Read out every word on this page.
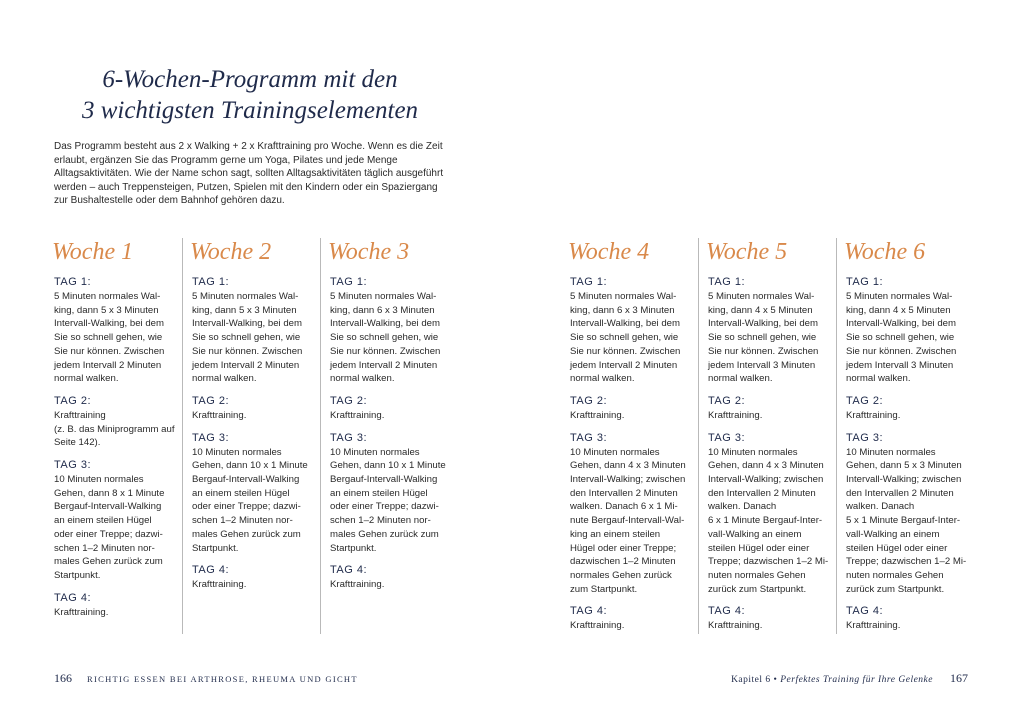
6-Wochen-Programm mit den
3 wichtigsten Trainingselementen
Das Programm besteht aus 2 x Walking + 2 x Krafttraining pro Woche. Wenn es die Zeit erlaubt, ergänzen Sie das Programm gerne um Yoga, Pilates und jede Menge Alltagsaktivitäten. Wie der Name schon sagt, sollten Alltagsaktivitäten täglich ausgeführt werden – auch Treppensteigen, Putzen, Spielen mit den Kindern oder ein Spaziergang zur Bushaltestelle oder dem Bahnhof gehören dazu.
Woche 1
TAG 1:
5 Minuten normales Wal-
king, dann 5 x 3 Minuten
Intervall-Walking, bei dem
Sie so schnell gehen, wie
Sie nur können. Zwischen
jedem Intervall 2 Minuten
normal walken.
TAG 2:
Krafttraining
(z. B. das Miniprogramm auf
Seite 142).
TAG 3:
10 Minuten normales
Gehen, dann 8 x 1 Minute
Bergauf-Intervall-Walking
an einem steilen Hügel
oder einer Treppe; dazwi-
schen 1–2 Minuten nor-
males Gehen zurück zum
Startpunkt.
TAG 4:
Krafttraining.
Woche 2
TAG 1:
5 Minuten normales Wal-
king, dann 5 x 3 Minuten
Intervall-Walking, bei dem
Sie so schnell gehen, wie
Sie nur können. Zwischen
jedem Intervall 2 Minuten
normal walken.
TAG 2:
Krafttraining.
TAG 3:
10 Minuten normales
Gehen, dann 10 x 1 Minute
Bergauf-Intervall-Walking
an einem steilen Hügel
oder einer Treppe; dazwi-
schen 1–2 Minuten nor-
males Gehen zurück zum
Startpunkt.
TAG 4:
Krafttraining.
Woche 3
TAG 1:
5 Minuten normales Wal-
king, dann 6 x 3 Minuten
Intervall-Walking, bei dem
Sie so schnell gehen, wie
Sie nur können. Zwischen
jedem Intervall 2 Minuten
normal walken.
TAG 2:
Krafttraining.
TAG 3:
10 Minuten normales
Gehen, dann 10 x 1 Minute
Bergauf-Intervall-Walking
an einem steilen Hügel
oder einer Treppe; dazwi-
schen 1–2 Minuten nor-
males Gehen zurück zum
Startpunkt.
TAG 4:
Krafttraining.
Woche 4
TAG 1:
5 Minuten normales Wal-
king, dann 6 x 3 Minuten
Intervall-Walking, bei dem
Sie so schnell gehen, wie
Sie nur können. Zwischen
jedem Intervall 2 Minuten
normal walken.
TAG 2:
Krafttraining.
TAG 3:
10 Minuten normales
Gehen, dann 4 x 3 Minuten
Intervall-Walking; zwischen
den Intervallen 2 Minuten
walken. Danach 6 x 1 Mi-
nute Bergauf-Intervall-Wal-
king an einem steilen
Hügel oder einer Treppe;
dazwischen 1–2 Minuten
normales Gehen zurück
zum Startpunkt.
TAG 4:
Krafttraining.
Woche 5
TAG 1:
5 Minuten normales Wal-
king, dann 4 x 5 Minuten
Intervall-Walking, bei dem
Sie so schnell gehen, wie
Sie nur können. Zwischen
jedem Intervall 3 Minuten
normal walken.
TAG 2:
Krafttraining.
TAG 3:
10 Minuten normales
Gehen, dann 4 x 3 Minuten
Intervall-Walking; zwischen
den Intervallen 2 Minuten
walken. Danach
6 x 1 Minute Bergauf-Inter-
vall-Walking an einem
steilen Hügel oder einer
Treppe; dazwischen 1–2 Mi-
nuten normales Gehen
zurück zum Startpunkt.
TAG 4:
Krafttraining.
Woche 6
TAG 1:
5 Minuten normales Wal-
king, dann 4 x 5 Minuten
Intervall-Walking, bei dem
Sie so schnell gehen, wie
Sie nur können. Zwischen
jedem Intervall 3 Minuten
normal walken.
TAG 2:
Krafttraining.
TAG 3:
10 Minuten normales
Gehen, dann 5 x 3 Minuten
Intervall-Walking; zwischen
den Intervallen 2 Minuten
walken. Danach
5 x 1 Minute Bergauf-Inter-
vall-Walking an einem
steilen Hügel oder einer
Treppe; dazwischen 1–2 Mi-
nuten normales Gehen
zurück zum Startpunkt.
TAG 4:
Krafttraining.
166 RICHTIG ESSEN BEI ARTHROSE, RHEUMA UND GICHT	Kapitel 6 • Perfektes Training für Ihre Gelenke 167
